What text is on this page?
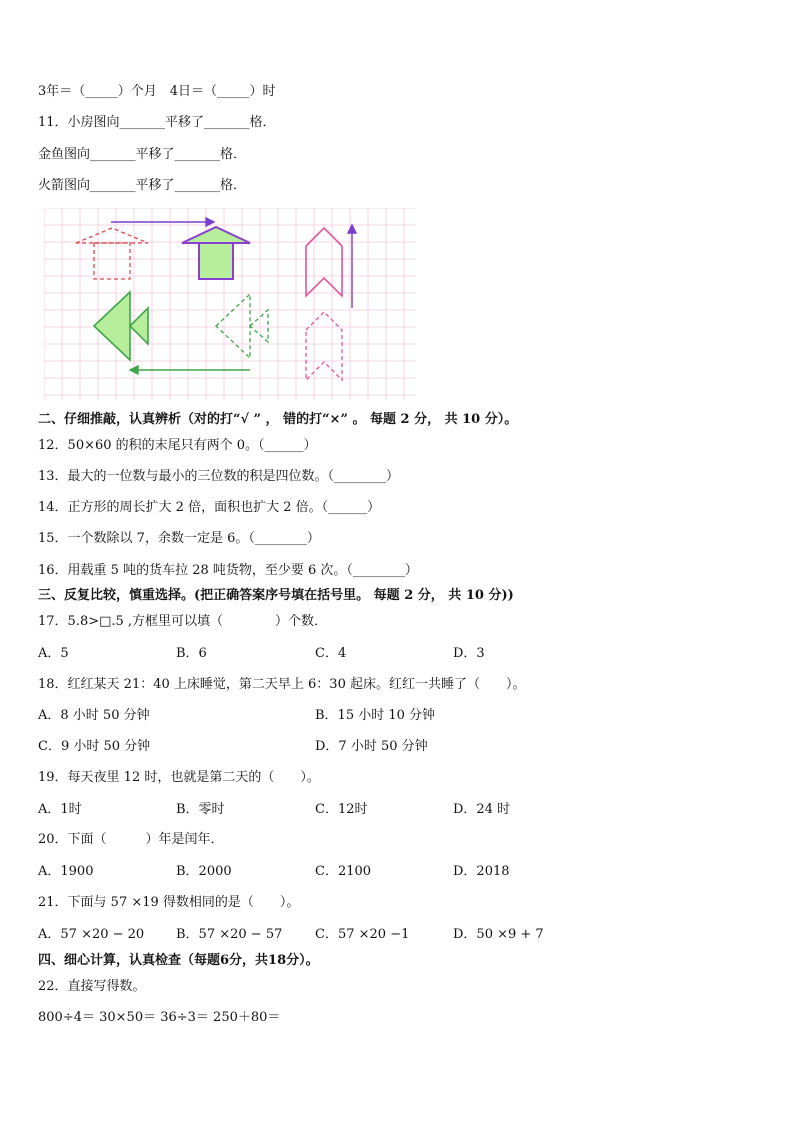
3年＝（_____）个月　4日＝（_____）时
11．小房图向_______平移了_______格．
金鱼图向_______平移了_______格．
火箭图向_______平移了_______格．
二、仔细推敲，认真辨析（对的打“√ ” ， 错的打“×” 。 每题 2 分， 共 10 分）。
12．50×60 的积的末尾只有两个 0。（______）
13．最大的一位数与最小的三位数的积是四位数。（________）
14．正方形的周长扩大 2 倍，面积也扩大 2 倍。（______）
15．一个数除以 7，余数一定是 6。（________）
16．用载重 5 吨的货车拉 28 吨货物，至少要 6 次。（________）
三、反复比较，慎重选择。(把正确答案序号填在括号里。 每题 2 分， 共 10 分))
17．5.8>□.5 ,方框里可以填（　　　　）个数．
A．5	B．6	C．4	D．3
18．红红某天 21：40 上床睡觉，第二天早上 6：30 起床。红红一共睡了（　　）。
A．8 小时 50 分钟	B．15 小时 10 分钟
C．9 小时 50 分钟	D．7 小时 50 分钟
19．每天夜里 12 时，也就是第二天的（　　）。
A．1时	B．零时	C．12时	D．24 时
20．下面（　　　）年是闰年．
A．1900	B．2000	C．2100	D．2018
21．下面与 57 ×19 得数相同的是（　　）。
A．57 ×20 − 20 B．57 ×20 − 57	C．57 ×20 −1	D．50 ×9 + 7
四、细心计算，认真检查（每题6分，共18分）。
22．直接写得数。
800÷4＝ 30×50＝ 36÷3＝ 250＋80＝
